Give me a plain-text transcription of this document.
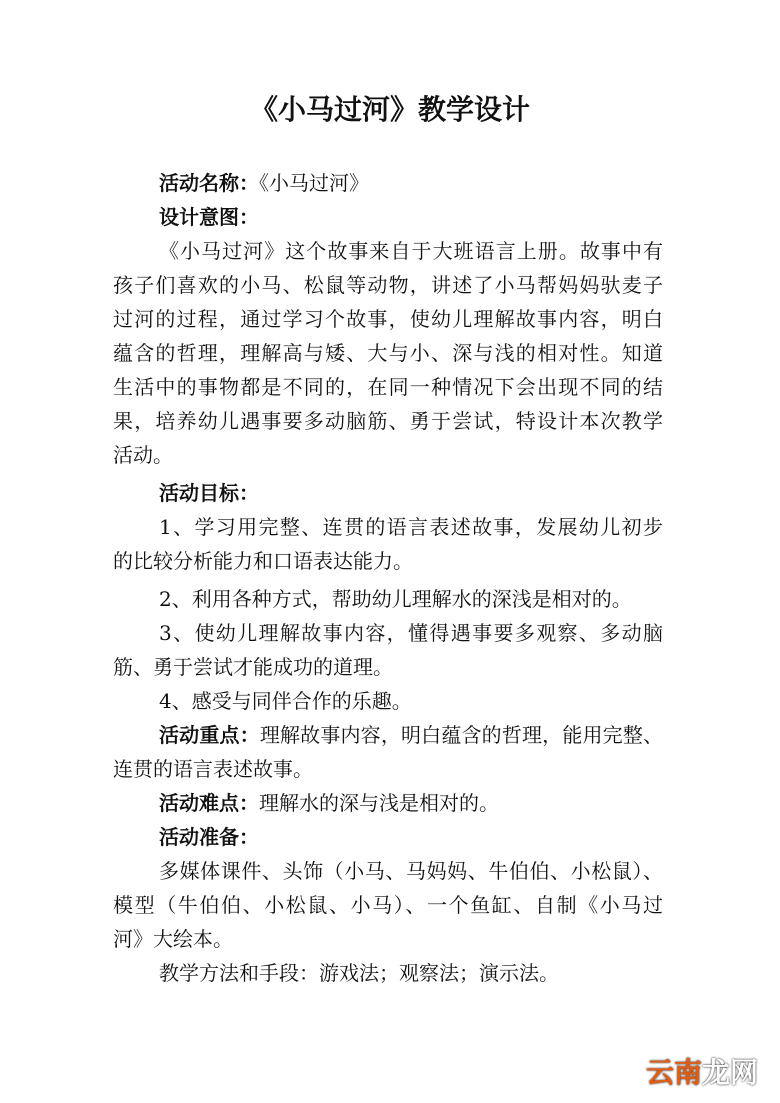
《小马过河》教学设计
活动名称：《小马过河》
设计意图：
《小马过河》这个故事来自于大班语言上册。故事中有
孩子们喜欢的小马、松鼠等动物，讲述了小马帮妈妈驮麦子
过河的过程，通过学习个故事，使幼儿理解故事内容，明白
蕴含的哲理，理解高与矮、大与小、深与浅的相对性。知道
生活中的事物都是不同的，在同一种情况下会出现不同的结
果，培养幼儿遇事要多动脑筋、勇于尝试，特设计本次教学
活动。
活动目标：
1、学习用完整、连贯的语言表述故事，发展幼儿初步
的比较分析能力和口语表达能力。
2、利用各种方式，帮助幼儿理解水的深浅是相对的。
3、使幼儿理解故事内容，懂得遇事要多观察、多动脑
筋、勇于尝试才能成功的道理。
4、感受与同伴合作的乐趣。
活动重点：理解故事内容，明白蕴含的哲理，能用完整、
连贯的语言表述故事。
活动难点：理解水的深与浅是相对的。
活动准备：
多媒体课件、头饰（小马、马妈妈、牛伯伯、小松鼠）、
模型（牛伯伯、小松鼠、小马）、一个鱼缸、自制《小马过
河》大绘本。
教学方法和手段：游戏法；观察法；演示法。
云南龙网
